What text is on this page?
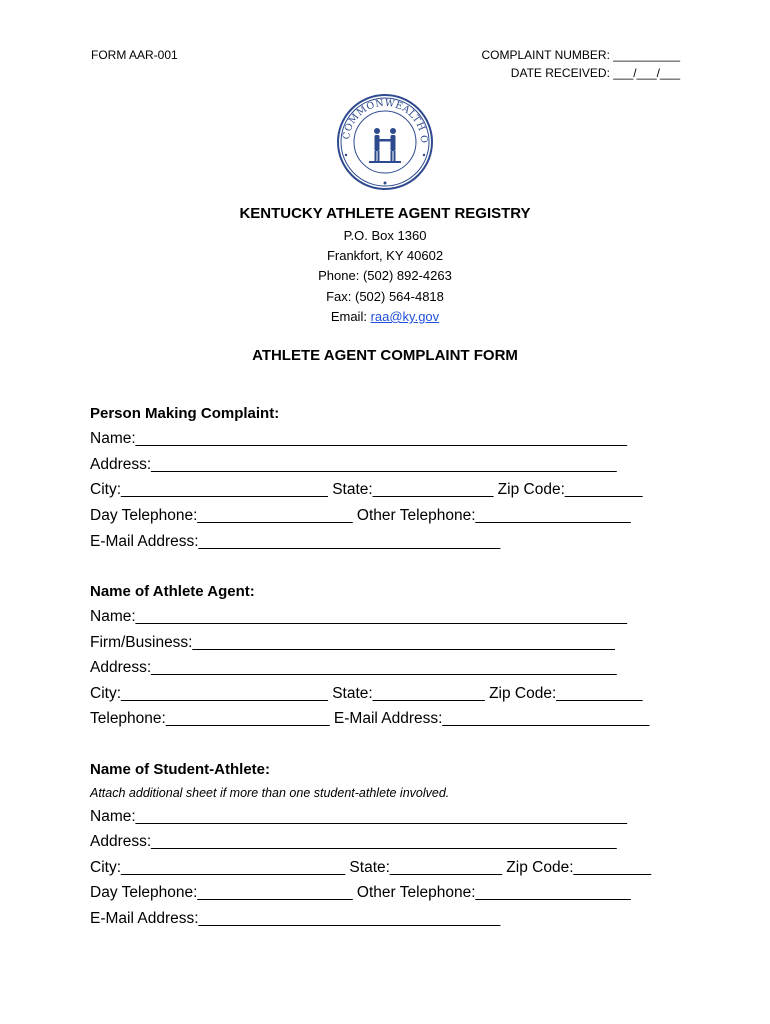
FORM AAR-001	COMPLAINT NUMBER: __________
DATE RECEIVED: ___/___/___
COMMONWEALTH O
KENTUCKY ATHLETE AGENT REGISTRY
P.O. Box 1360
Frankfort, KY 40602
Phone: (502) 892-4263
Fax: (502) 564-4818
Email: raa@ky.gov
ATHLETE AGENT COMPLAINT FORM
Person Making Complaint:
Name:_________________________________________________________
Address:______________________________________________________
City:________________________ State:______________ Zip Code:_________
Day Telephone:__________________ Other Telephone:__________________
E-Mail Address:___________________________________
Name of Athlete Agent:
Name:_________________________________________________________
Firm/Business:_________________________________________________
Address:______________________________________________________
City:________________________ State:_____________ Zip Code:__________
Telephone:___________________ E-Mail Address:________________________
Name of Student-Athlete:
Attach additional sheet if more than one student-athlete involved.
Name:_________________________________________________________
Address:______________________________________________________
City:__________________________ State:_____________ Zip Code:_________
Day Telephone:__________________ Other Telephone:__________________
E-Mail Address:___________________________________
